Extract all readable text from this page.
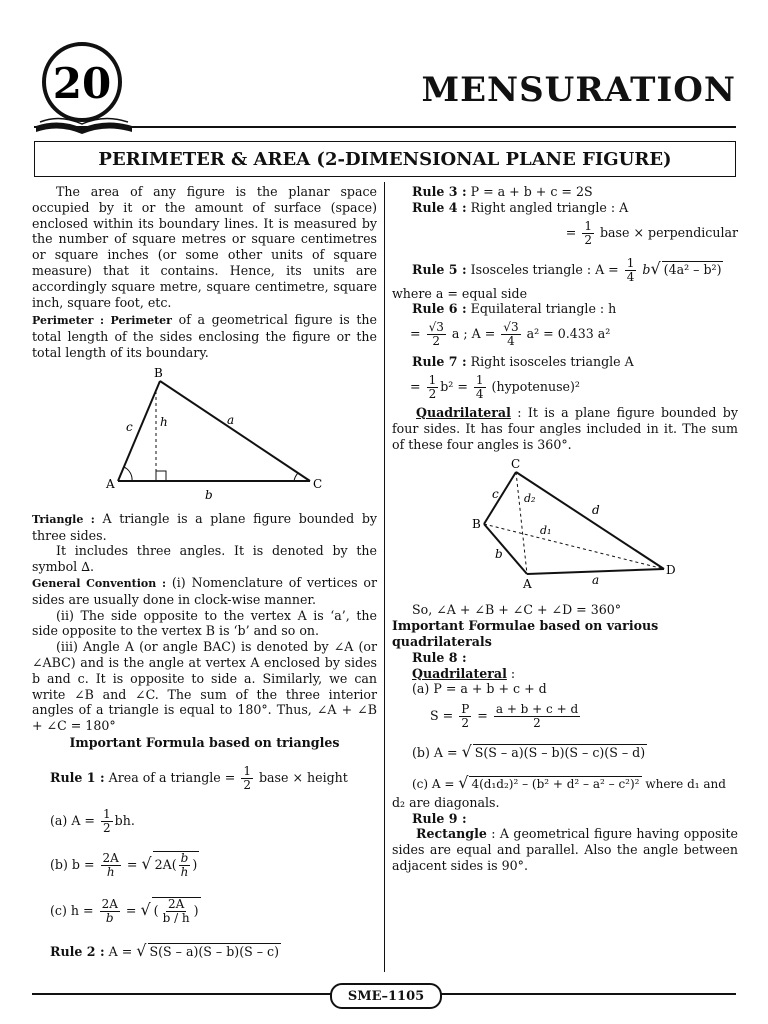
20	MENSURATION
PERIMETER & AREA (2-DIMENSIONAL PLANE FIGURE)

The area of any figure is the planar space occupied by it or the amount of surface (space) enclosed within its boundary lines. It is measured by the number of square metres or square centimetres or square inches (or some other units of square measure) that it contains. Hence, its units are accordingly square metre, square centimetre, square inch, square foot, etc.

Perimeter : Perimeter of a geometrical figure is the total length of the sides enclosing the figure or the total length of its boundary.

B
A	C
c	a
b
h

Triangle : A triangle is a plane figure bounded by three sides.

It includes three angles. It is denoted by the symbol ∆.

General Convention : (i) Nomenclature of vertices or sides are usually done in clock-wise manner.

(ii) The side opposite to the vertex A is ‘a’, the side opposite to the vertex B is ‘b’ and so on.

(iii) Angle A (or angle BAC) is denoted by ∠A (or ∠ABC) and is the angle at vertex A enclosed by sides b and c. It is opposite to side a. Similarly, we can write ∠B and ∠C. The sum of the three interior angles of a triangle is equal to 180°. Thus, ∠A + ∠B + ∠C = 180°

Important Formula based on triangles

Rule 1 : Area of a triangle = $\frac{1}{2}$ base × height

(a) $A = \frac{1}{2}$ bh.

(b) $b = \frac{2A}{h}$ = √ $2A( \frac{b}{h}$ )

(c) $h = \frac{2A}{b}$ = √ ( $\frac{2A}{b / h}$ )

Rule 2 : A = √ S(S – a)(S – b)(S – c)

Rule 3 : P = a + b + c = 2S

Rule 4 : Right angled triangle : A

= $\frac{1}{2}$ base × perpendicular

Rule 5 : Isosceles triangle : $A = \frac{1}{4} b√$ (4a² – b²)

where a = equal side

Rule 6 : Equilateral triangle : h

= $\frac{√3}{2}$ a ; $A = \frac{√3}{4} a^2 = 0.433$ a²

Rule 7 : Right isosceles triangle A

= $\frac{1}{2} b^2 = \frac{1}{4}$ (hypotenuse)²

Quadrilateral : It is a plane figure bounded by four sides. It has four angles included in it. The sum of these four angles is 360°.

C
B
A
D
c
b
d
a
d₂
d₁

So, ∠A + ∠B + ∠C + ∠D = 360°

Important Formulae based on various quadrilaterals

Rule 8 :

Quadrilateral :

(a) P = a + b + c + d

$S = \frac{P}{2} = \frac{a + b + c + d}{2}$

(b) A = √ S(S – a)(S – b)(S – c)(S – d)

(c) A = √ 4(d₁d₂)² – (b² + d² – a² – c²)² where d₁ and

d₂ are diagonals.

Rule 9 :

Rectangle : A geometrical figure having opposite sides are equal and parallel. Also the angle between adjacent sides is 90°.

SME–1105
